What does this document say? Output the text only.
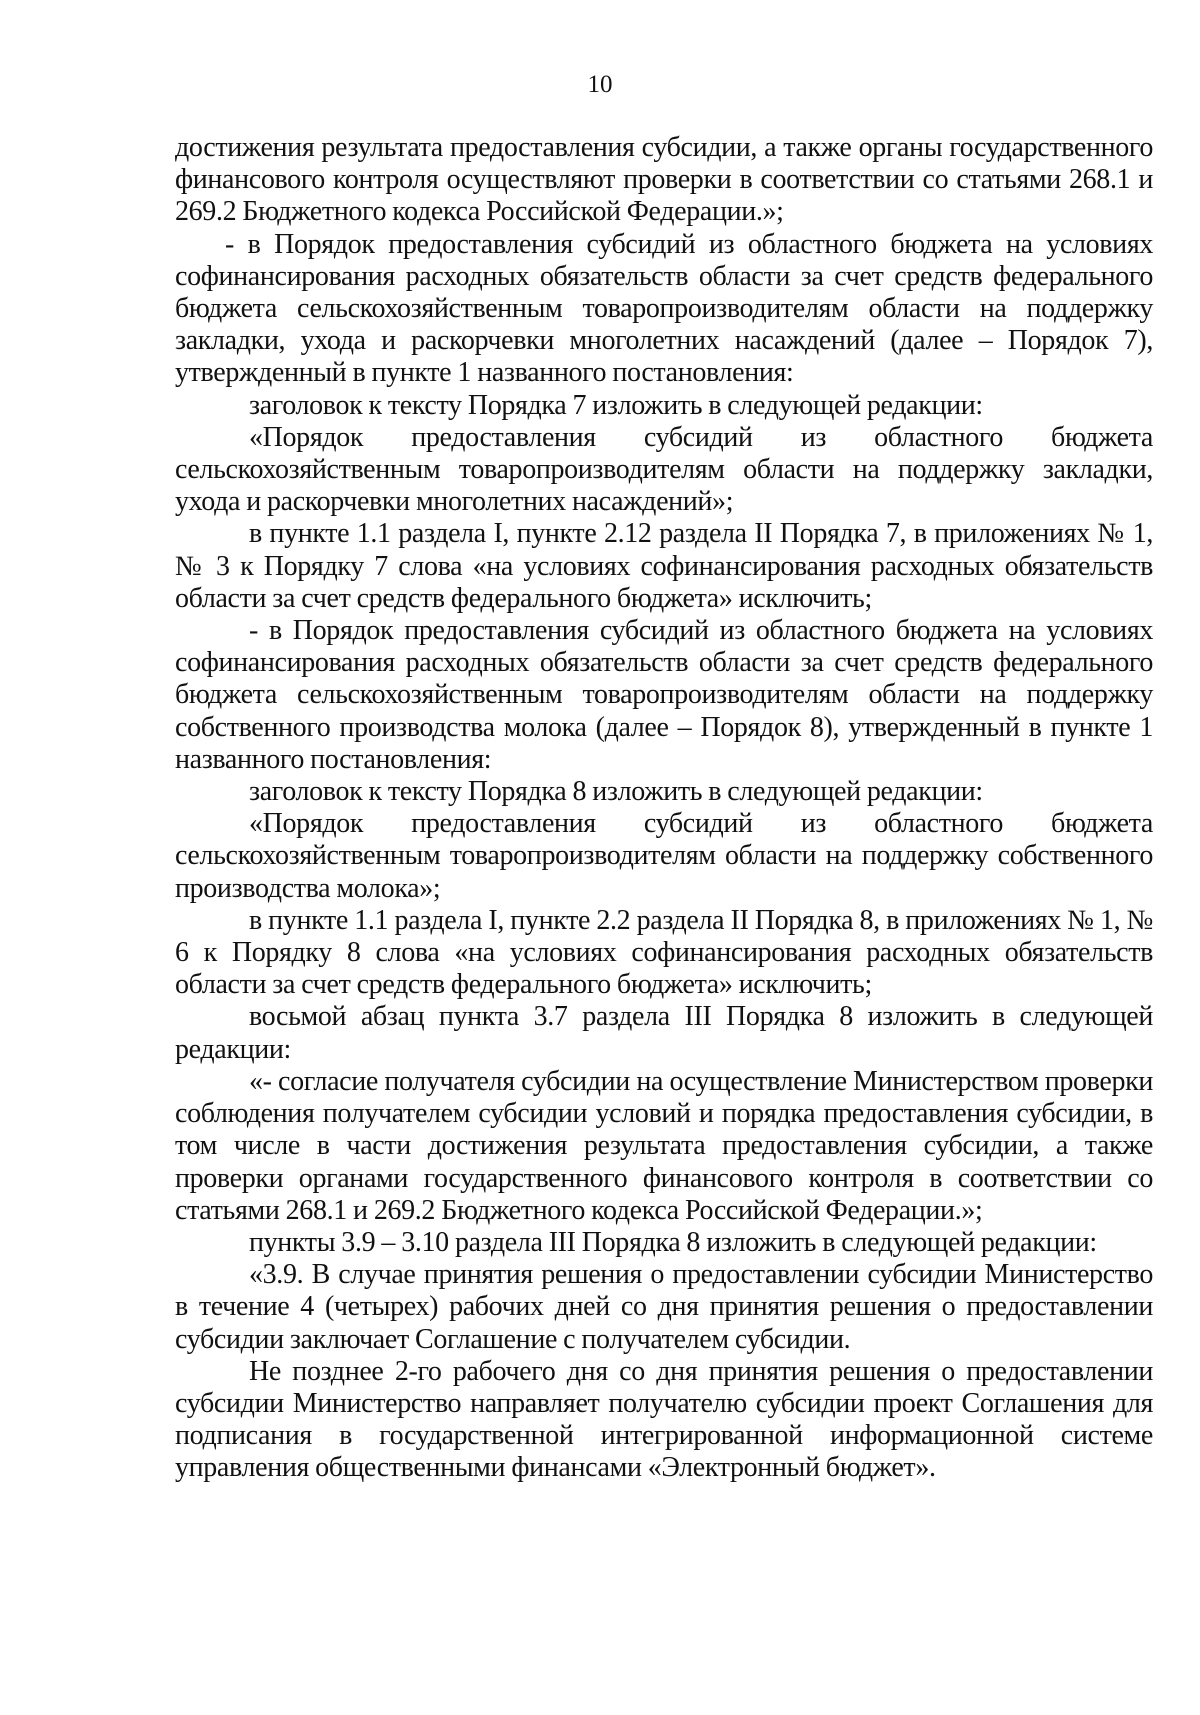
10

достижения результата предоставления субсидии, а также органы государственного финансового контроля осуществляют проверки в соответствии со статьями 268.1 и 269.2 Бюджетного кодекса Российской Федерации.»;

- в Порядок предоставления субсидий из областного бюджета на условиях софинансирования расходных обязательств области за счет средств федерального бюджета сельскохозяйственным товаропроизводителям области на поддержку закладки, ухода и раскорчевки многолетних насаждений (далее – Порядок 7), утвержденный в пункте 1 названного постановления:

заголовок к тексту Порядка 7 изложить в следующей редакции:

«Порядок предоставления субсидий из областного бюджета сельскохозяйственным товаропроизводителям области на поддержку закладки, ухода и раскорчевки многолетних насаждений»;

в пункте 1.1 раздела I, пункте 2.12 раздела II Порядка 7, в приложениях № 1, № 3 к Порядку 7 слова «на условиях софинансирования расходных обязательств области за счет средств федерального бюджета» исключить;

- в Порядок предоставления субсидий из областного бюджета на условиях софинансирования расходных обязательств области за счет средств федерального бюджета сельскохозяйственным товаропроизводителям области на поддержку собственного производства молока (далее – Порядок 8), утвержденный в пункте 1 названного постановления:

заголовок к тексту Порядка 8 изложить в следующей редакции:

«Порядок предоставления субсидий из областного бюджета сельскохозяйственным товаропроизводителям области на поддержку собственного производства молока»;

в пункте 1.1 раздела I, пункте 2.2 раздела II Порядка 8, в приложениях № 1, № 6 к Порядку 8 слова «на условиях софинансирования расходных обязательств области за счет средств федерального бюджета» исключить;

восьмой абзац пункта 3.7 раздела III Порядка 8 изложить в следующей редакции:

«- согласие получателя субсидии на осуществление Министерством проверки соблюдения получателем субсидии условий и порядка предоставления субсидии, в том числе в части достижения результата предоставления субсидии, а также проверки органами государственного финансового контроля в соответствии со статьями 268.1 и 269.2 Бюджетного кодекса Российской Федерации.»;

пункты 3.9 – 3.10 раздела III Порядка 8 изложить в следующей редакции:

«3.9. В случае принятия решения о предоставлении субсидии Министерство в течение 4 (четырех) рабочих дней со дня принятия решения о предоставлении субсидии заключает Соглашение с получателем субсидии.

Не позднее 2-го рабочего дня со дня принятия решения о предоставлении субсидии Министерство направляет получателю субсидии проект Соглашения для подписания в государственной интегрированной информационной системе управления общественными финансами «Электронный бюджет».
